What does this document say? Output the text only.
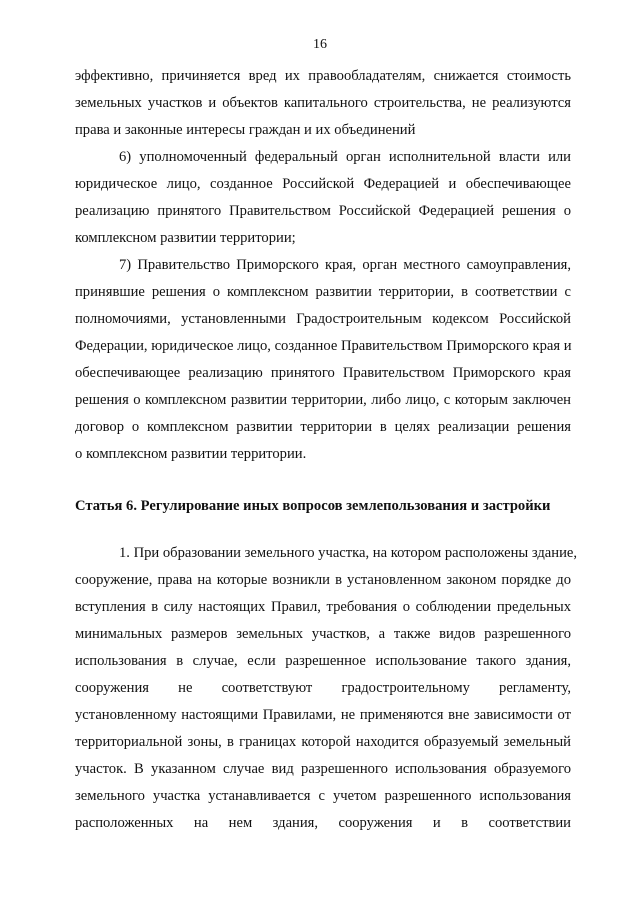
16
эффективно, причиняется вред их правообладателям, снижается стоимость
земельных участков и объектов капитального строительства, не реализуются
права и законные интересы граждан и их объединений
6) уполномоченный федеральный орган исполнительной власти или
юридическое лицо, созданное Российской Федерацией и обеспечивающее
реализацию принятого Правительством Российской Федерацией решения о
комплексном развитии территории;
7) Правительство Приморского края, орган местного самоуправления,
принявшие решения о комплексном развитии территории, в соответствии с
полномочиями, установленными Градостроительным кодексом Российской
Федерации, юридическое лицо, созданное Правительством Приморского края и
обеспечивающее реализацию принятого Правительством Приморского края
решения о комплексном развитии территории, либо лицо, с которым заключен
договор о комплексном развитии территории в целях реализации решения
о комплексном развитии территории.
Статья 6. Регулирование иных вопросов землепользования и застройки
1. При образовании земельного участка, на котором расположены здание,
сооружение, права на которые возникли в установленном законом порядке до
вступления в силу настоящих Правил, требования о соблюдении предельных
минимальных размеров земельных участков, а также видов разрешенного
использования в случае, если разрешенное использование такого здания,
сооружения не соответствуют градостроительному регламенту,
установленному настоящими Правилами, не применяются вне зависимости от
территориальной зоны, в границах которой находится образуемый земельный
участок. В указанном случае вид разрешенного использования образуемого
земельного участка устанавливается с учетом разрешенного использования
расположенных на нем здания, сооружения и в соответствии
